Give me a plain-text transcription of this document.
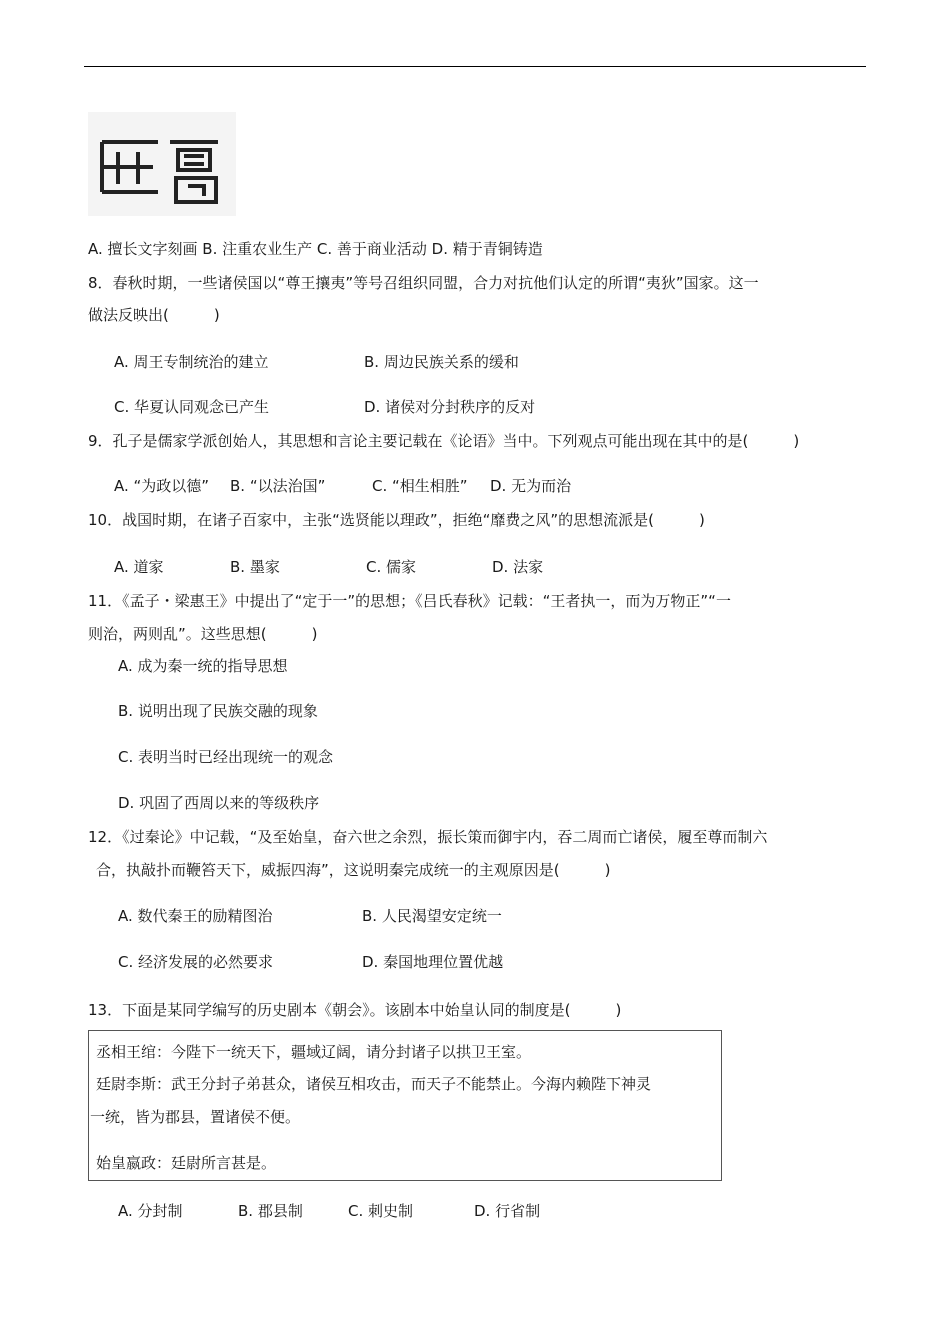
星晋
A. 擅长文字刻画 B. 注重农业生产 C. 善于商业活动 D. 精于青铜铸造
8．春秋时期，一些诸侯国以“尊王攘夷”等号召组织同盟，合力对抗他们认定的所谓“夷狄”国家。这一
做法反映出(　　　)
A. 周王专制统治的建立	B. 周边民族关系的缓和
C. 华夏认同观念已产生	D. 诸侯对分封秩序的反对
9．孔子是儒家学派创始人，其思想和言论主要记载在《论语》当中。下列观点可能出现在其中的是(　　　)
A. “为政以德” B. “以法治国”	C. “相生相胜” D. 无为而治
10．战国时期，在诸子百家中，主张“选贤能以理政”，拒绝“靡费之风”的思想流派是(　　　)
A. 道家	B. 墨家	C. 儒家	D. 法家
11．《孟子・梁惠王》中提出了“定于一”的思想；《吕氏春秋》记载：“王者执一，而为万物正”“一
则治，两则乱”。这些思想(　　　)
A. 成为秦一统的指导思想
B. 说明出现了民族交融的现象
C. 表明当时已经出现统一的观念
D. 巩固了西周以来的等级秩序
12．《过秦论》中记载，“及至始皇，奋六世之余烈，振长策而御宇内，吞二周而亡诸侯，履至尊而制六
合，执敲扑而鞭笞天下，威振四海”，这说明秦完成统一的主观原因是(　　　)
A. 数代秦王的励精图治	B. 人民渴望安定统一
C. 经济发展的必然要求	D. 秦国地理位置优越
13．下面是某同学编写的历史剧本《朝会》。该剧本中始皇认同的制度是(　　　)
丞相王绾：今陛下一统天下，疆域辽阔，请分封诸子以拱卫王室。
廷尉李斯：武王分封子弟甚众，诸侯互相攻击，而天子不能禁止。今海内赖陛下神灵
一统，皆为郡县，置诸侯不便。
始皇嬴政：廷尉所言甚是。
A. 分封制	B. 郡县制	C. 刺史制	D. 行省制
